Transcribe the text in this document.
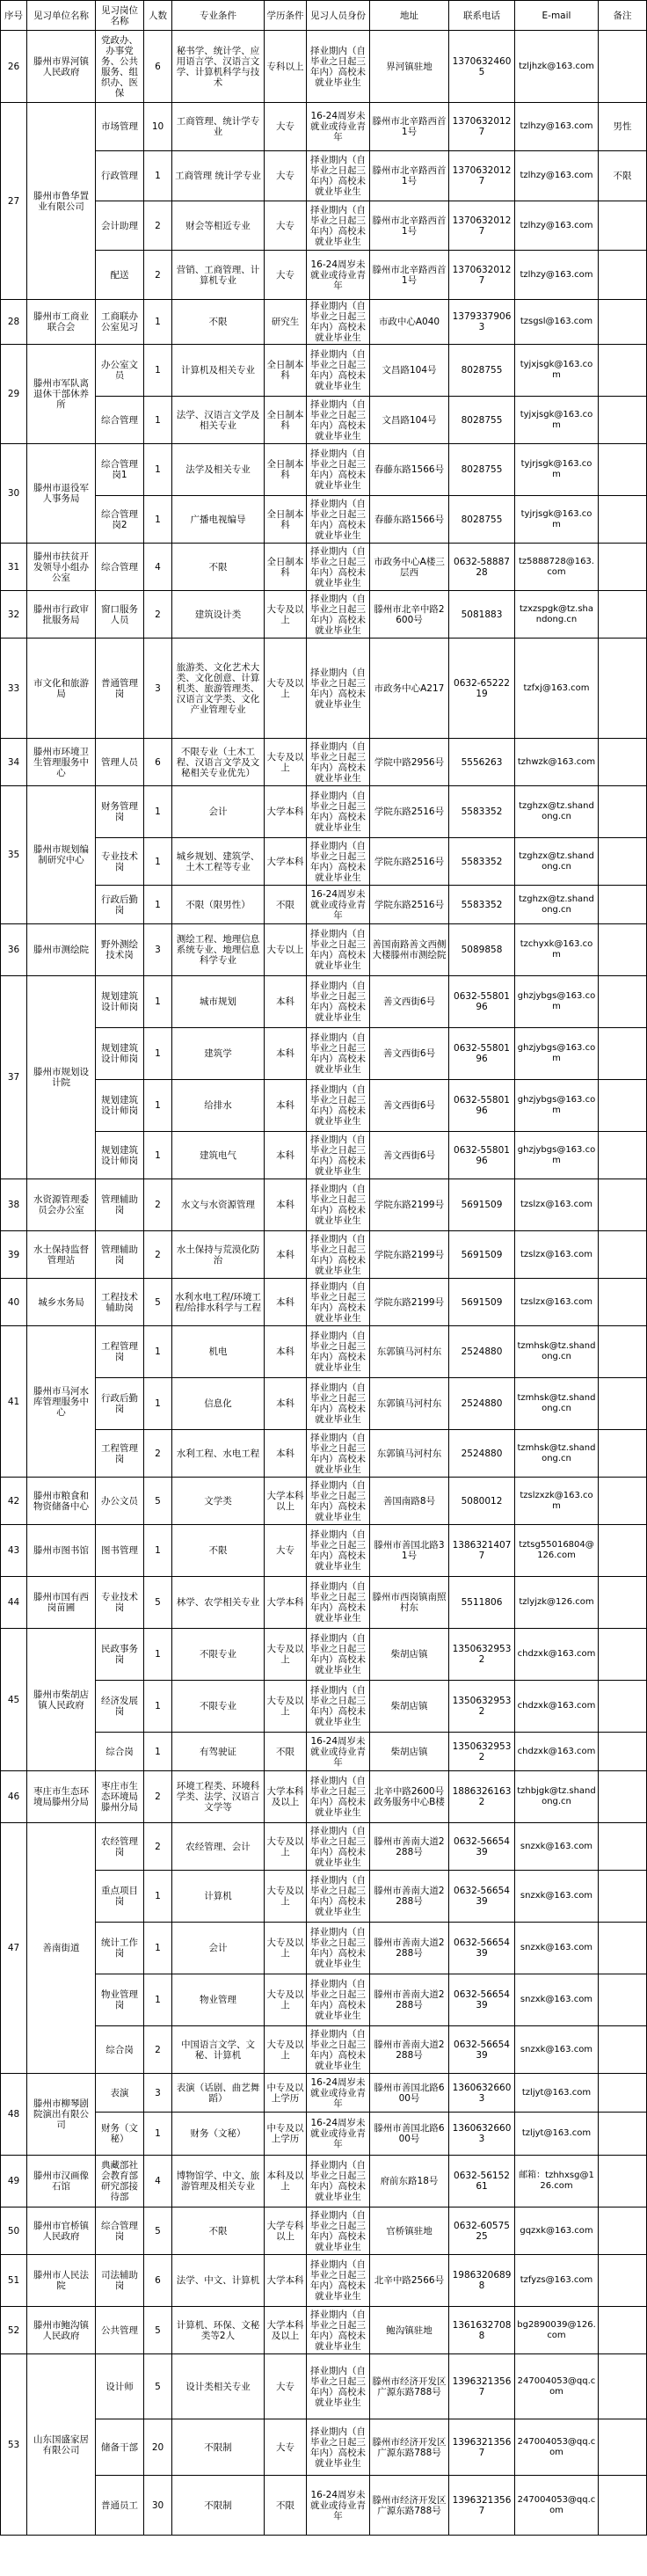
序号	见习单位名称	见习岗位名称	人数	专业条件	学历条件	见习人员身份	地址	联系电话	E-mail	备注
26	滕州市界河镇人民政府	党政办、办事党务、公共服务、组织办、医保	6	秘书学、统计学、应用语言学、汉语言文学、计算机科学与技术	专科以上	择业期内（自毕业之日起三年内）高校未就业毕业生	界河镇驻地	13706324605	tzljhzk@163.com	
27	滕州市鲁华置业有限公司	市场管理	10	工商管理、统计学专业	大专	16-24周岁未就业或待业青年	滕州市北辛路西首1号	13706320127	tzlhzy@163.com	男性
		行政管理	1	工商管理 统计学专业	大专	择业期内（自毕业之日起三年内）高校未就业毕业生	滕州市北辛路西首1号	13706320127	tzlhzy@163.com	不限
		会计助理	2	财会等相近专业	大专	择业期内（自毕业之日起三年内）高校未就业毕业生	滕州市北辛路西首1号	13706320127	tzlhzy@163.com	
		配送	2	营销、工商管理、计算机专业	大专	16-24周岁未就业或待业青年	滕州市北辛路西首1号	13706320127	tzlhzy@163.com	
28	滕州市工商业联合会	工商联办公室见习	1	不限	研究生	择业期内（自毕业之日起三年内）高校未就业毕业生	市政中心A040	13793379063	tzsgsl@163.com	
29	滕州市军队离退休干部休养所	办公室文员	1	计算机及相关专业	全日制本科	择业期内（自毕业之日起三年内）高校未就业毕业生	文昌路104号	8028755	tyjxjsgk@163.com	
		综合管理	1	法学、汉语言文学及相关专业	全日制本科	择业期内（自毕业之日起三年内）高校未就业毕业生	文昌路104号	8028755	tyjxjsgk@163.com	
30	滕州市退役军人事务局	综合管理岗1	1	法学及相关专业	全日制本科	择业期内（自毕业之日起三年内）高校未就业毕业生	春藤东路1566号	8028755	tyjrjsgk@163.com	
		综合管理岗2	1	广播电视编导	全日制本科	择业期内（自毕业之日起三年内）高校未就业毕业生	春藤东路1566号	8028755	tyjrjsgk@163.com	
31	滕州市扶贫开发领导小组办公室	综合管理	4	不限	全日制本科	择业期内（自毕业之日起三年内）高校未就业毕业生	市政务中心A楼三层西	0632-5888728	tz5888728@163.com	
32	滕州市行政审批服务局	窗口服务人员	2	建筑设计类	大专及以上	择业期内（自毕业之日起三年内）高校未就业毕业生	滕州市北辛中路2600号	5081883	tzxzspgk@tz.shandong.cn	
33	市文化和旅游局	普通管理岗	3	旅游类、文化艺术大类、文化创意、计算机类、旅游管理类、汉语言文学类、文化产业管理专业	大专及以上	择业期内（自毕业之日起三年内）高校未就业毕业生	市政务中心A217	0632-6522219	tzfxj@163.com	
34	滕州市环境卫生管理服务中心	管理人员	6	不限专业（土木工程、汉语言文学及文秘相关专业优先）	大专及以上	择业期内（自毕业之日起三年内）高校未就业毕业生	学院中路2956号	5556263	tzhwzk@163.com	
35	滕州市规划编制研究中心	财务管理岗	1	会计	大学本科	择业期内（自毕业之日起三年内）高校未就业毕业生	学院东路2516号	5583352	tzghzx@tz.shandong.cn	
		专业技术岗	1	城乡规划、建筑学、土木工程等专业	大学本科	择业期内（自毕业之日起三年内）高校未就业毕业生	学院东路2516号	5583352	tzghzx@tz.shandong.cn	
		行政后勤岗	1	不限（限男性）	不限	16-24周岁未就业或待业青年	学院东路2516号	5583352	tzghzx@tz.shandong.cn	
36	滕州市测绘院	野外测绘技术岗	3	测绘工程、地理信息系统专业、地理信息科学专业	大专以上	择业期内（自毕业之日起三年内）高校未就业毕业生	善国南路善文西侧大楼滕州市测绘院	5089858	tzchyxk@163.com	
37	滕州市规划设计院	规划建筑设计师岗	1	城市规划	本科	择业期内（自毕业之日起三年内）高校未就业毕业生	善文西街6号	0632-5580196	ghzjybgs@163.com	
		规划建筑设计师岗	1	建筑学	本科	择业期内（自毕业之日起三年内）高校未就业毕业生	善文西街6号	0632-5580196	ghzjybgs@163.com	
		规划建筑设计师岗	1	给排水	本科	择业期内（自毕业之日起三年内）高校未就业毕业生	善文西街6号	0632-5580196	ghzjybgs@163.com	
		规划建筑设计师岗	1	建筑电气	本科	择业期内（自毕业之日起三年内）高校未就业毕业生	善文西街6号	0632-5580196	ghzjybgs@163.com	
38	水资源管理委员会办公室	管理辅助岗	2	水文与水资源管理	本科	择业期内（自毕业之日起三年内）高校未就业毕业生	学院东路2199号	5691509	tzslzx@163.com	
39	水土保持监督管理站	管理辅助岗	2	水土保持与荒漠化防治	本科	择业期内（自毕业之日起三年内）高校未就业毕业生	学院东路2199号	5691509	tzslzx@163.com	
40	城乡水务局	工程技术辅助岗	5	水利水电工程/环境工程/给排水科学与工程	本科	择业期内（自毕业之日起三年内）高校未就业毕业生	学院东路2199号	5691509	tzslzx@163.com	
41	滕州市马河水库管理服务中心	工程管理岗	1	机电	本科	择业期内（自毕业之日起三年内）高校未就业毕业生	东郭镇马河村东	2524880	tzmhsk@tz.shandong.cn	
		行政后勤岗	1	信息化	本科	择业期内（自毕业之日起三年内）高校未就业毕业生	东郭镇马河村东	2524880	tzmhsk@tz.shandong.cn	
		工程管理岗	2	水利工程、水电工程	本科	择业期内（自毕业之日起三年内）高校未就业毕业生	东郭镇马河村东	2524880	tzmhsk@tz.shandong.cn	
42	滕州市粮食和物资储备中心	办公文员	5	文学类	大学本科以上	择业期内（自毕业之日起三年内）高校未就业毕业生	善国南路8号	5080012	tzslzxzk@163.com	
43	滕州市图书馆	图书管理	1	不限	大专	择业期内（自毕业之日起三年内）高校未就业毕业生	滕州市善国北路31号	13863214077	tztsg55016804@126.com	
44	滕州市国有西岗苗圃	专业技术岗	5	林学、农学相关专业	大学本科	择业期内（自毕业之日起三年内）高校未就业毕业生	滕州市西岗镇南照村东	5511806	tzlyjzk@126.com	
45	滕州市柴胡店镇人民政府	民政事务岗	1	不限专业	大专及以上	择业期内（自毕业之日起三年内）高校未就业毕业生	柴胡店镇	13506329532	chdzxk@163.com	
		经济发展岗	1	不限专业	大专及以上	择业期内（自毕业之日起三年内）高校未就业毕业生	柴胡店镇	13506329532	chdzxk@163.com	
		综合岗	1	有驾驶证	不限	16-24周岁未就业或待业青年	柴胡店镇	13506329532	chdzxk@163.com	
46	枣庄市生态环境局滕州分局	枣庄市生态环境局滕州分局	2	环境工程类、环境科学类、法学、汉语言文学等	大学本科及以上	择业期内（自毕业之日起三年内）高校未就业毕业生	北辛中路2600号政务服务中心B楼	18863261632	tzhbjgk@tz.shandong.cn	
47	善南街道	农经管理岗	2	农经管理、会计	大专及以上	择业期内（自毕业之日起三年内）高校未就业毕业生	滕州市善南大道2288号	0632-5665439	snzxk@163.com	
		重点项目岗	1	计算机	大专及以上	择业期内（自毕业之日起三年内）高校未就业毕业生	滕州市善南大道2288号	0632-5665439	snzxk@163.com	
		统计工作岗	1	会计	大专及以上	择业期内（自毕业之日起三年内）高校未就业毕业生	滕州市善南大道2288号	0632-5665439	snzxk@163.com	
		物业管理岗	1	物业管理	大专及以上	择业期内（自毕业之日起三年内）高校未就业毕业生	滕州市善南大道2288号	0632-5665439	snzxk@163.com	
		综合岗	2	中国语言文学、文秘、计算机	大专及以上	择业期内（自毕业之日起三年内）高校未就业毕业生	滕州市善南大道2288号	0632-5665439	snzxk@163.com	
48	滕州市柳琴剧院演出有限公司	表演	3	表演（话剧、曲艺舞蹈）	中专及以上学历	16-24周岁未就业或待业青年	滕州市善国北路600号	13606326603	tzljyt@163.com	
		财务（文秘）	1	财务（文秘）	中专及以上学历	16-24周岁未就业或待业青年	滕州市善国北路600号	13606326603	tzljyt@163.com	
49	滕州市汉画像石馆	典藏部社会教育部研究部接待部	4	博物馆学、中文、旅游管理及相关专业	本科及以上	择业期内（自毕业之日起三年内）高校未就业毕业生	府前东路18号	0632-5615261	邮箱：tzhhxsg@126.com	
50	滕州市官桥镇人民政府	综合管理岗	5	不限	大学专科以上	择业期内（自毕业之日起三年内）高校未就业毕业生	官桥镇驻地	0632-6057525	gqzxk@163.com	
51	滕州市人民法院	司法辅助岗	6	法学、中文、计算机	大学本科	择业期内（自毕业之日起三年内）高校未就业毕业生	北辛中路2566号	19863206898	tzfyzs@163.com	
52	滕州市鲍沟镇人民政府	公共管理	5	计算机、环保、文秘类等2人	大学本科及以上	择业期内（自毕业之日起三年内）高校未就业毕业生	鲍沟镇驻地	13616327088	bg2890039@126.com	
53	山东国盛家居有限公司	设计师	5	设计类相关专业	大专	择业期内（自毕业之日起三年内）高校未就业毕业生	滕州市经济开发区广源东路788号	13963213567	247004053@qq.com	
		储备干部	20	不限制	大专	择业期内（自毕业之日起三年内）高校未就业毕业生	滕州市经济开发区广源东路788号	13963213567	247004053@qq.com	
		普通员工	30	不限制	不限	16-24周岁未就业或待业青年	滕州市经济开发区广源东路788号	13963213567	247004053@qq.com	
